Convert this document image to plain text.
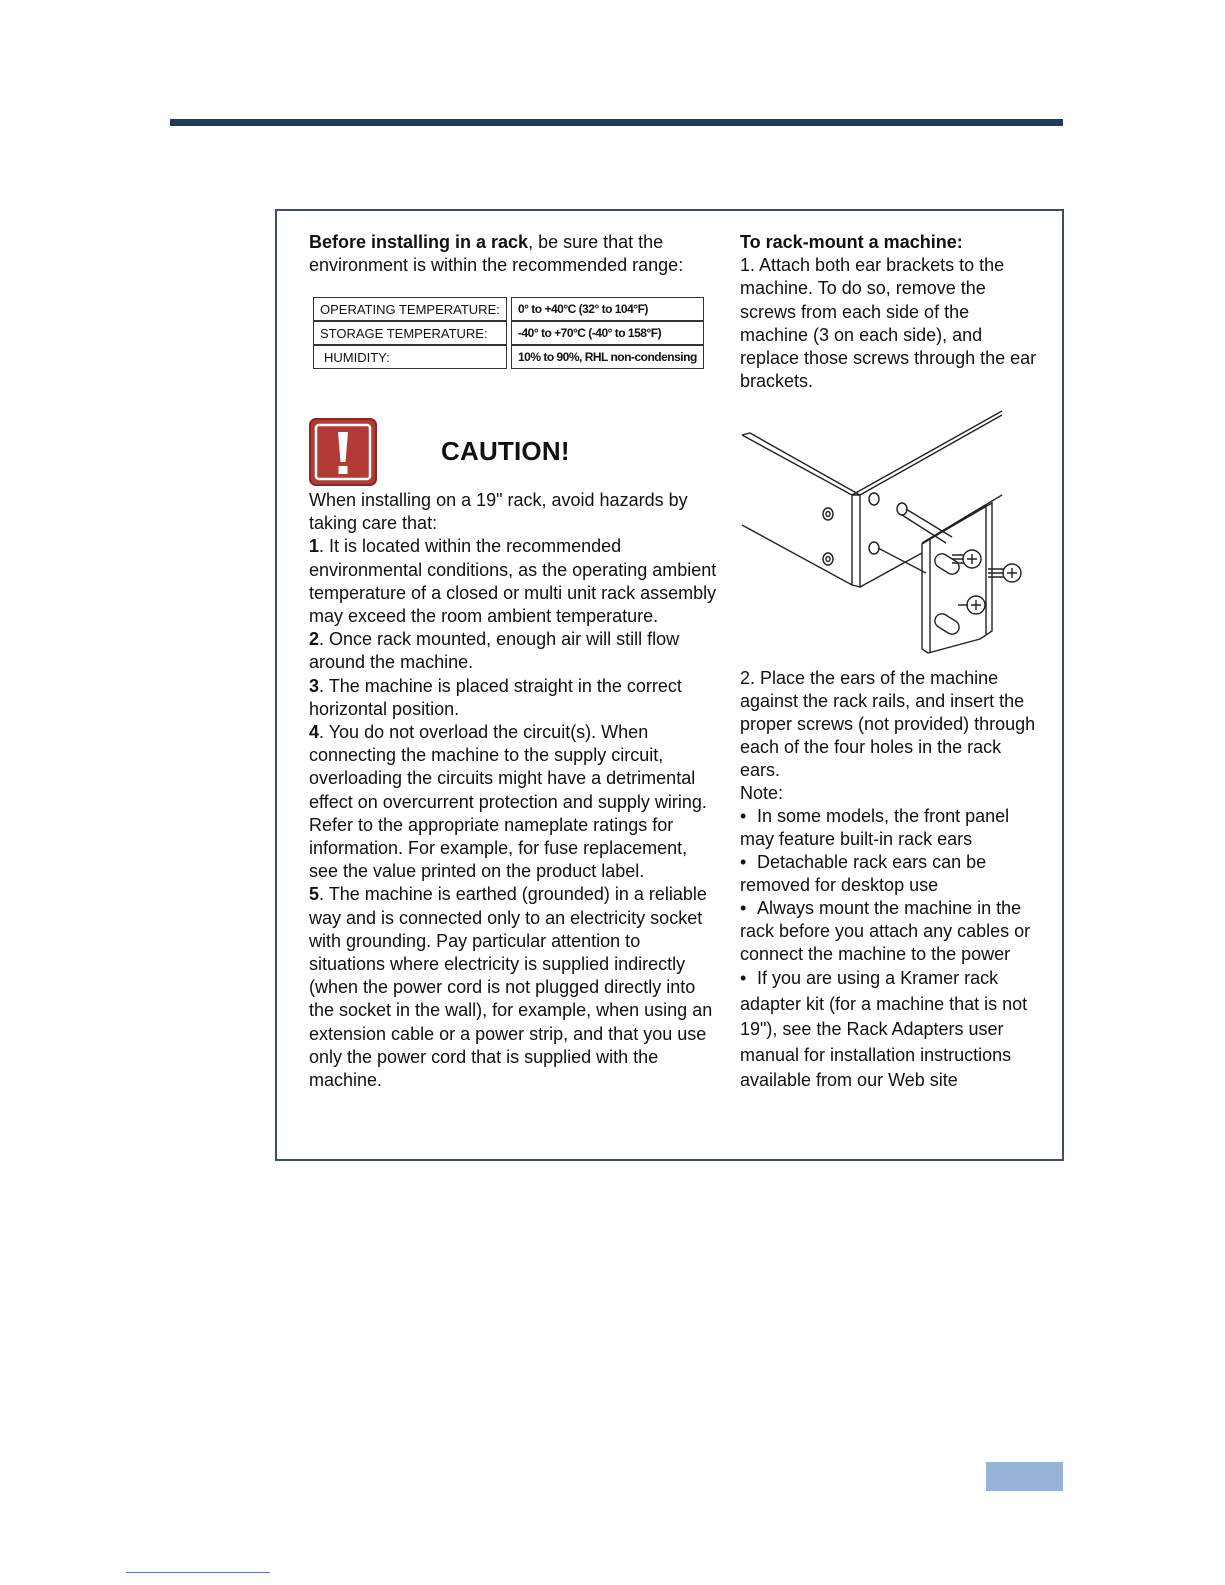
Before installing in a rack, be sure that the environment is within the recommended range:

OPERATING TEMPERATURE:	0° to +40°C (32° to 104°F)
STORAGE TEMPERATURE:	-40° to +70°C (-40° to 158°F)
HUMIDITY:	10% to 90%, RHL non-condensing
CAUTION!

When installing on a 19" rack, avoid hazards by taking care that:

1. It is located within the recommended environmental conditions, as the operating ambient temperature of a closed or multi unit rack assembly may exceed the room ambient temperature.

2. Once rack mounted, enough air will still flow around the machine.

3. The machine is placed straight in the correct horizontal position.

4. You do not overload the circuit(s). When connecting the machine to the supply circuit, overloading the circuits might have a detrimental effect on overcurrent protection and supply wiring. Refer to the appropriate nameplate ratings for information. For example, for fuse replacement, see the value printed on the product label.

5. The machine is earthed (grounded) in a reliable way and is connected only to an electricity socket with grounding. Pay particular attention to situations where electricity is supplied indirectly (when the power cord is not plugged directly into the socket in the wall), for example, when using an extension cable or a power strip, and that you use only the power cord that is supplied with the machine.

To rack-mount a machine:

1. Attach both ear brackets to the machine. To do so, remove the screws from each side of the machine (3 on each side), and replace those screws through the ear brackets.

2. Place the ears of the machine against the rack rails, and insert the proper screws (not provided) through each of the four holes in the rack ears.

Note:

• In some models, the front panel may feature built-in rack ears

• Detachable rack ears can be removed for desktop use

• Always mount the machine in the rack before you attach any cables or connect the machine to the power

• If you are using a Kramer rack adapter kit (for a machine that is not 19"), see the Rack Adapters user manual for installation instructions available from our Web site
